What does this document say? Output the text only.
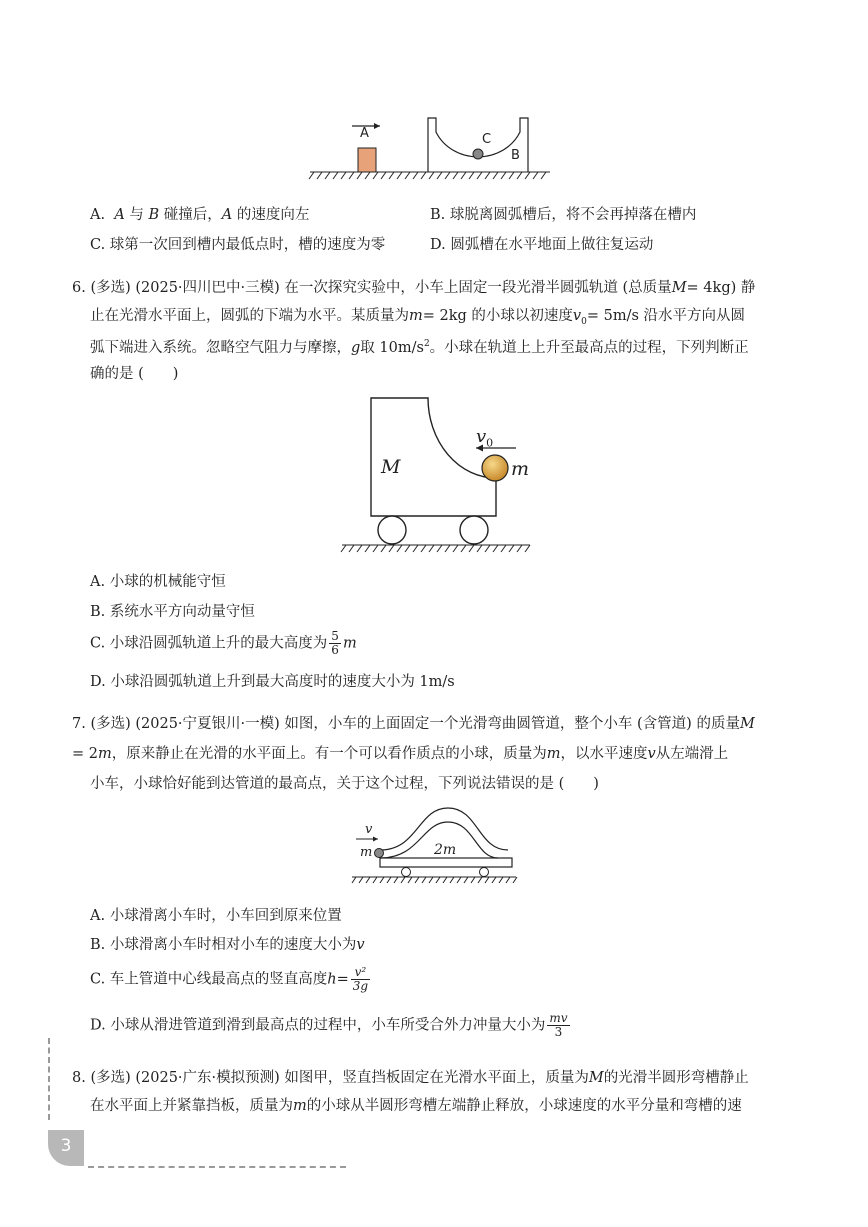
A	C
B
A. A 与 B 碰撞后，A 的速度向左	B. 球脱离圆弧槽后，将不会再掉落在槽内
C. 球第一次回到槽内最低点时，槽的速度为零	D. 圆弧槽在水平地面上做往复运动
6. (多选) (2025·四川巴中·三模) 在一次探究实验中，小车上固定一段光滑半圆弧轨道 (总质量M= 4kg) 静
止在光滑水平面上，圆弧的下端为水平。某质量为m= 2kg 的小球以初速度$v_0= 5m/s$ 沿水平方向从圆
弧下端进入系统。忽略空气阻力与摩擦，g取 $10m/s^2$。小球在轨道上上升至最高点的过程，下列判断正
确的是 (　　)
M	m
$v_0$
A. 小球的机械能守恒
B. 系统水平方向动量守恒
C. 小球沿圆弧轨道上升的最大高度为 $\frac{5}{6}$ m
D. 小球沿圆弧轨道上升到最大高度时的速度大小为 1m/s
7. (多选) (2025·宁夏银川·一模) 如图，小车的上面固定一个光滑弯曲圆管道，整个小车 (含管道) 的质量M
= 2m，原来静止在光滑的水平面上。有一个可以看作质点的小球，质量为m，以水平速度v从左端滑上
小车，小球恰好能到达管道的最高点，关于这个过程，下列说法错误的是 (　　)
v
m	2m
A. 小球滑离小车时，小车回到原来位置
B. 小球滑离小车时相对小车的速度大小为v
C. 车上管道中心线最高点的竖直高度$h= \frac{\text{v²}}{3g}$
D. 小球从滑进管道到滑到最高点的过程中，小车所受合外力冲量大小为 $\frac{mv}{3}$
8. (多选) (2025·广东·模拟预测) 如图甲，竖直挡板固定在光滑水平面上，质量为M的光滑半圆形弯槽静止
在水平面上并紧靠挡板，质量为m的小球从半圆形弯槽左端静止释放，小球速度的水平分量和弯槽的速
3
